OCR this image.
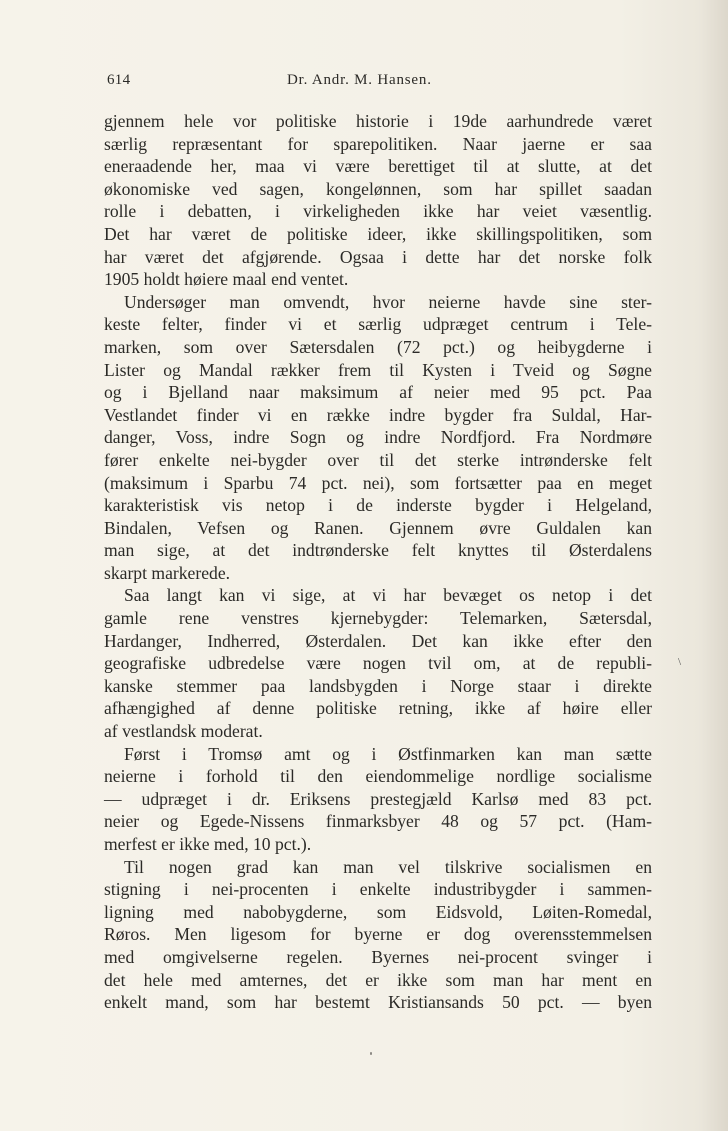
614	Dr. Andr. M. Hansen.
gjennem hele vor politiske historie i 19de aarhundrede været
særlig repræsentant for sparepolitiken. Naar jaerne er saa
eneraadende her, maa vi være berettiget til at slutte, at det
økonomiske ved sagen, kongelønnen, som har spillet saadan
rolle i debatten, i virkeligheden ikke har veiet væsentlig.
Det har været de politiske ideer, ikke skillingspolitiken, som
har været det afgjørende. Ogsaa i dette har det norske folk
1905 holdt høiere maal end ventet.
Undersøger man omvendt, hvor neierne havde sine ster-
keste felter, finder vi et særlig udpræget centrum i Tele-
marken, som over Sætersdalen (72 pct.) og heibygderne i
Lister og Mandal rækker frem til Kysten i Tveid og Søgne
og i Bjelland naar maksimum af neier med 95 pct. Paa
Vestlandet finder vi en række indre bygder fra Suldal, Har-
danger, Voss, indre Sogn og indre Nordfjord. Fra Nordmøre
fører enkelte nei-bygder over til det sterke intrønderske felt
(maksimum i Sparbu 74 pct. nei), som fortsætter paa en meget
karakteristisk vis netop i de inderste bygder i Helgeland,
Bindalen, Vefsen og Ranen. Gjennem øvre Guldalen kan
man sige, at det indtrønderske felt knyttes til Østerdalens
skarpt markerede.
Saa langt kan vi sige, at vi har bevæget os netop i det
gamle rene venstres kjernebygder: Telemarken, Sætersdal,
Hardanger, Indherred, Østerdalen. Det kan ikke efter den
geografiske udbredelse være nogen tvil om, at de republi-
kanske stemmer paa landsbygden i Norge staar i direkte
afhængighed af denne politiske retning, ikke af høire eller
af vestlandsk moderat.
Først i Tromsø amt og i Østfinmarken kan man sætte
neierne i forhold til den eiendommelige nordlige socialisme
— udpræget i dr. Eriksens prestegjæld Karlsø med 83 pct.
neier og Egede-Nissens finmarksbyer 48 og 57 pct. (Ham-
merfest er ikke med, 10 pct.).
Til nogen grad kan man vel tilskrive socialismen en
stigning i nei-procenten i enkelte industribygder i sammen-
ligning med nabobygderne, som Eidsvold, Løiten-Romedal,
Røros. Men ligesom for byerne er dog overensstemmelsen
med omgivelserne regelen. Byernes nei-procent svinger i
det hele med amternes, det er ikke som man har ment en
enkelt mand, som har bestemt Kristiansands 50 pct. — byen
\
